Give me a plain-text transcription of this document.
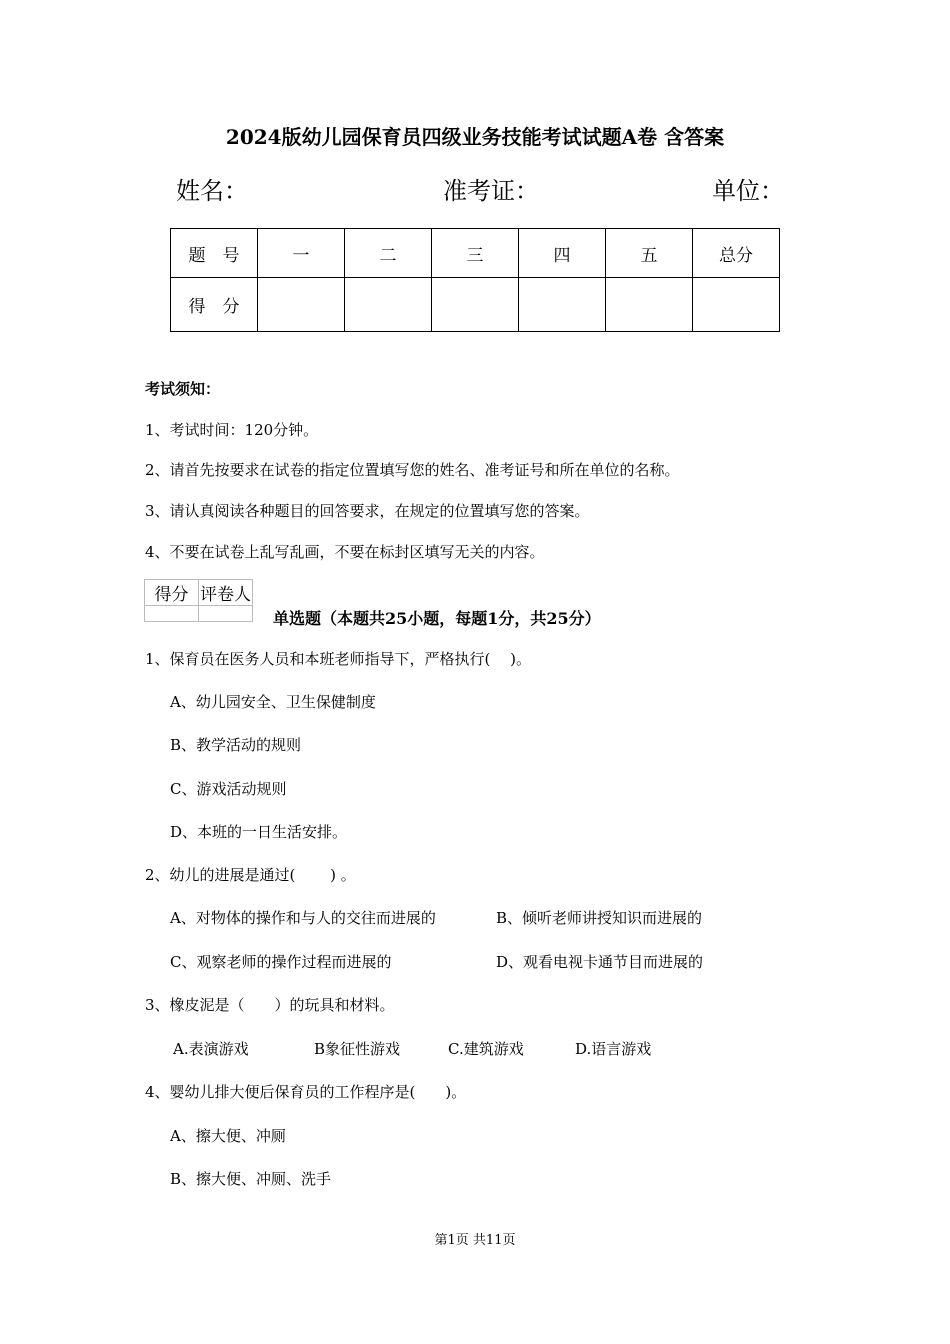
2024版幼儿园保育员四级业务技能考试试题A卷 含答案
姓名：	准考证：	单位：
题　号	一	二	三	四	五	总分
得　分						
考试须知：
1、考试时间：120分钟。
2、请首先按要求在试卷的指定位置填写您的姓名、准考证号和所在单位的名称。
3、请认真阅读各种题目的回答要求，在规定的位置填写您的答案。
4、不要在试卷上乱写乱画，不要在标封区填写无关的内容。
得分	评卷人

单选题（本题共25小题，每题1分，共25分）
1、保育员在医务人员和本班老师指导下，严格执行(　 )。
A、幼儿园安全、卫生保健制度
B、教学活动的规则
C、游戏活动规则
D、本班的一日生活安排。
2、幼儿的进展是通过(　　 ) 。
A、对物体的操作和与人的交往而进展的	B、倾听老师讲授知识而进展的
C、观察老师的操作过程而进展的	D、观看电视卡通节目而进展的
3、橡皮泥是（　　）的玩具和材料。
A.表演游戏	B象征性游戏	C.建筑游戏	D.语言游戏
4、婴幼儿排大便后保育员的工作程序是(　　)。
A、擦大便、冲厕
B、擦大便、冲厕、洗手
第1页 共11页
